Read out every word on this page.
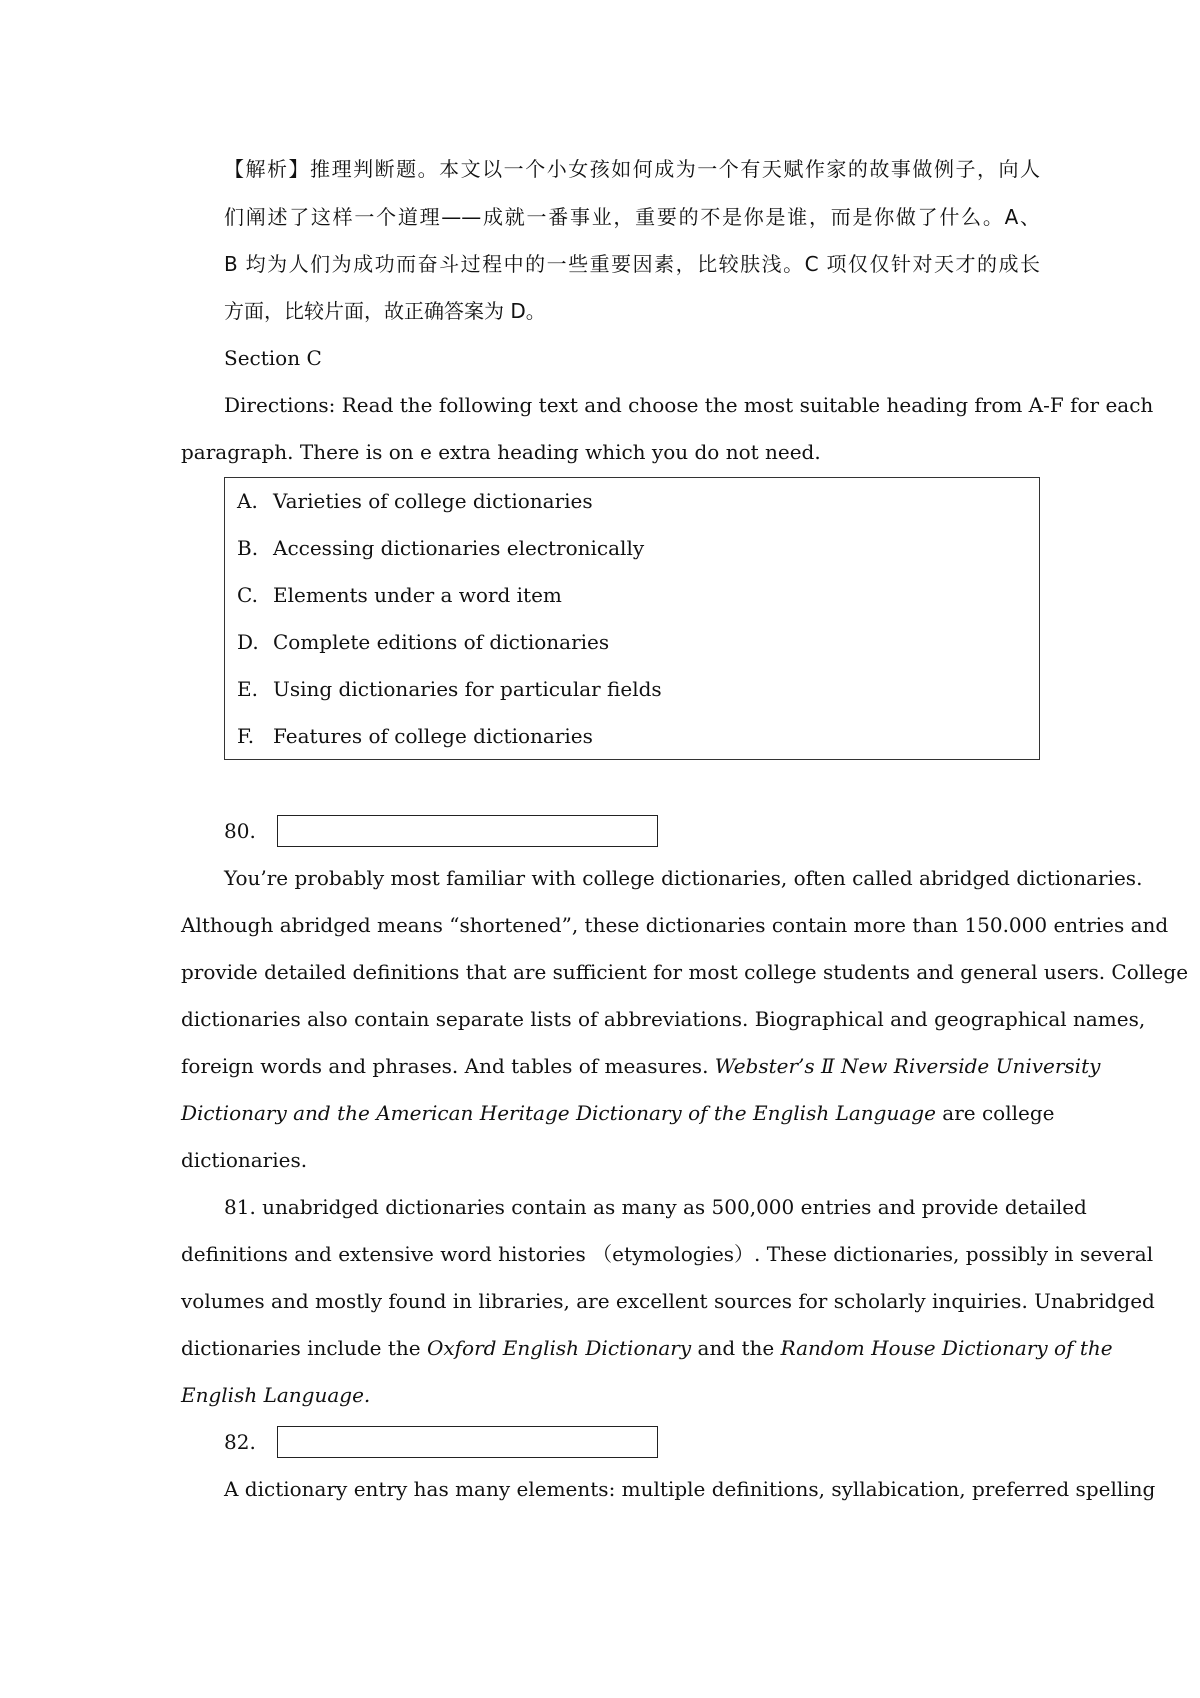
【解析】推理判断题。本文以一个小女孩如何成为一个有天赋作家的故事做例子，向人
们阐述了这样一个道理——成就一番事业，重要的不是你是谁，而是你做了什么。A、
B 均为人们为成功而奋斗过程中的一些重要因素，比较肤浅。C 项仅仅针对天才的成长
方面，比较片面，故正确答案为 D。
Section C
Directions: Read the following text and choose the most suitable heading from A-F for each
paragraph. There is on e extra heading which you do not need.
A. Varieties of college dictionaries
B. Accessing dictionaries electronically
C. Elements under a word item
D. Complete editions of dictionaries
E. Using dictionaries for particular fields
F. Features of college dictionaries
80.
You’re probably most familiar with college dictionaries, often called abridged dictionaries.
Although abridged means “shortened”, these dictionaries contain more than 150.000 entries and
provide detailed definitions that are sufficient for most college students and general users. College
dictionaries also contain separate lists of abbreviations. Biographical and geographical names,
foreign words and phrases. And tables of measures. Webster’s Ⅱ New Riverside University
Dictionary and the American Heritage Dictionary of the English Language are college
dictionaries.
81. unabridged dictionaries contain as many as 500,000 entries and provide detailed
definitions and extensive word histories （etymologies）. These dictionaries, possibly in several
volumes and mostly found in libraries, are excellent sources for scholarly inquiries. Unabridged
dictionaries include the Oxford English Dictionary and the Random House Dictionary of the
English Language.
82.
A dictionary entry has many elements: multiple definitions, syllabication, preferred spelling
